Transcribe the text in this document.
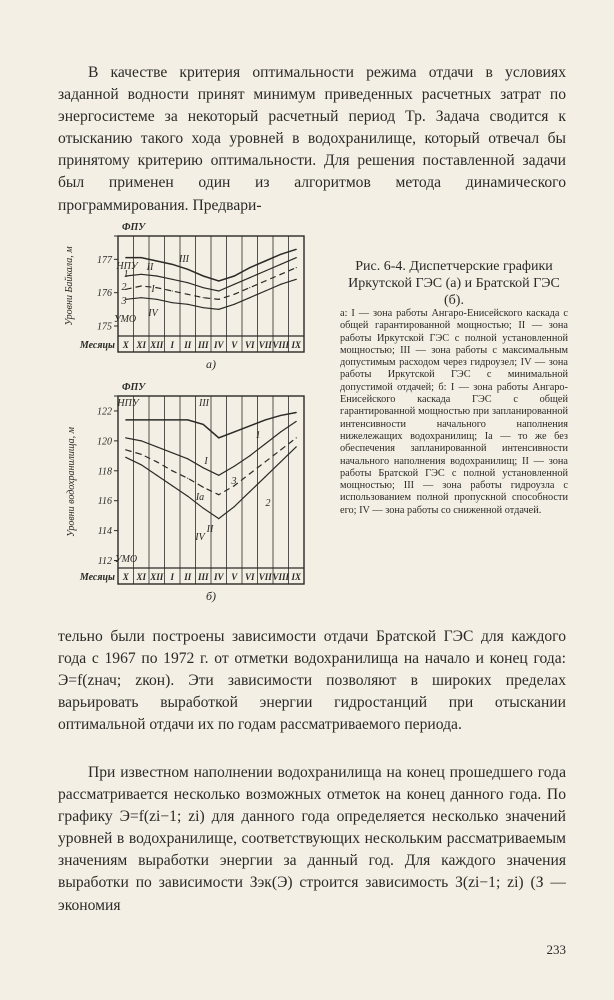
В качестве критерия оптимальности режима отдачи в условиях заданной водности принят минимум приведенных расчетных затрат по энергосистеме за некоторый расчетный период Тр. Задача сводится к отысканию такого хода уровней в водохранилище, который отвечал бы принятому критерию оптимальности. Для решения поставленной задачи был применен один из алгоритмов метода динамического программирования. Предвари-

ФПУ
175
176
177
Уровни Байкала, м
Месяцы X XI XII I II III IV V VI VII VIII IX
НПУ
УМО
I
II
III
IV
1
2
3
а)
ФПУ
112
114
116
118
120
122
Уровни водохранилища, м
Месяцы X XI XII I II III IV V VI VII VIII IX
НПУ
УМО
I
Iа
II
III
IV
1
2
3
б)

Рис. 6-4. Диспетчерские графики Иркутской ГЭС (а) и Братской ГЭС (б).

а: I — зона работы Ангаро-Енисейского каскада с общей гарантированной мощностью; II — зона работы Иркутской ГЭС с полной установленной мощностью; III — зона работы с максимальным допустимым расходом через гидроузел; IV — зона работы Иркутской ГЭС с минимальной допустимой отдачей; б: I — зона работы Ангаро-Енисейского каскада ГЭС с общей гарантированной мощностью при запланированной интенсивности начального наполнения нижележащих водохранилищ; Iа — то же без обеспечения запланированной интенсивности начального наполнения водохранилищ; II — зона работы Братской ГЭС с полной установленной мощностью; III — зона работы гидроузла с использованием полной пропускной способности его; IV — зона работы со сниженной отдачей.

тельно были построены зависимости отдачи Братской ГЭС для каждого года с 1967 по 1972 г. от отметки водохранилища на начало и конец года: Э=f(zнач; zкон). Эти зависимости позволяют в широких пределах варьировать выработкой энергии гидростанций при отыскании оптимальной отдачи их по годам рассматриваемого периода.

При известном наполнении водохранилища на конец прошедшего года рассматривается несколько возможных отметок на конец данного года. По графику Э=f(zi−1; zi) для данного года определяется несколько значений уровней в водохранилище, соответствующих нескольким рассматриваемым значениям выработки энергии за данный год. Для каждого значения выработки по зависимости Зэк(Э) строится зависимость З(zi−1; zi) (З — экономия

233
